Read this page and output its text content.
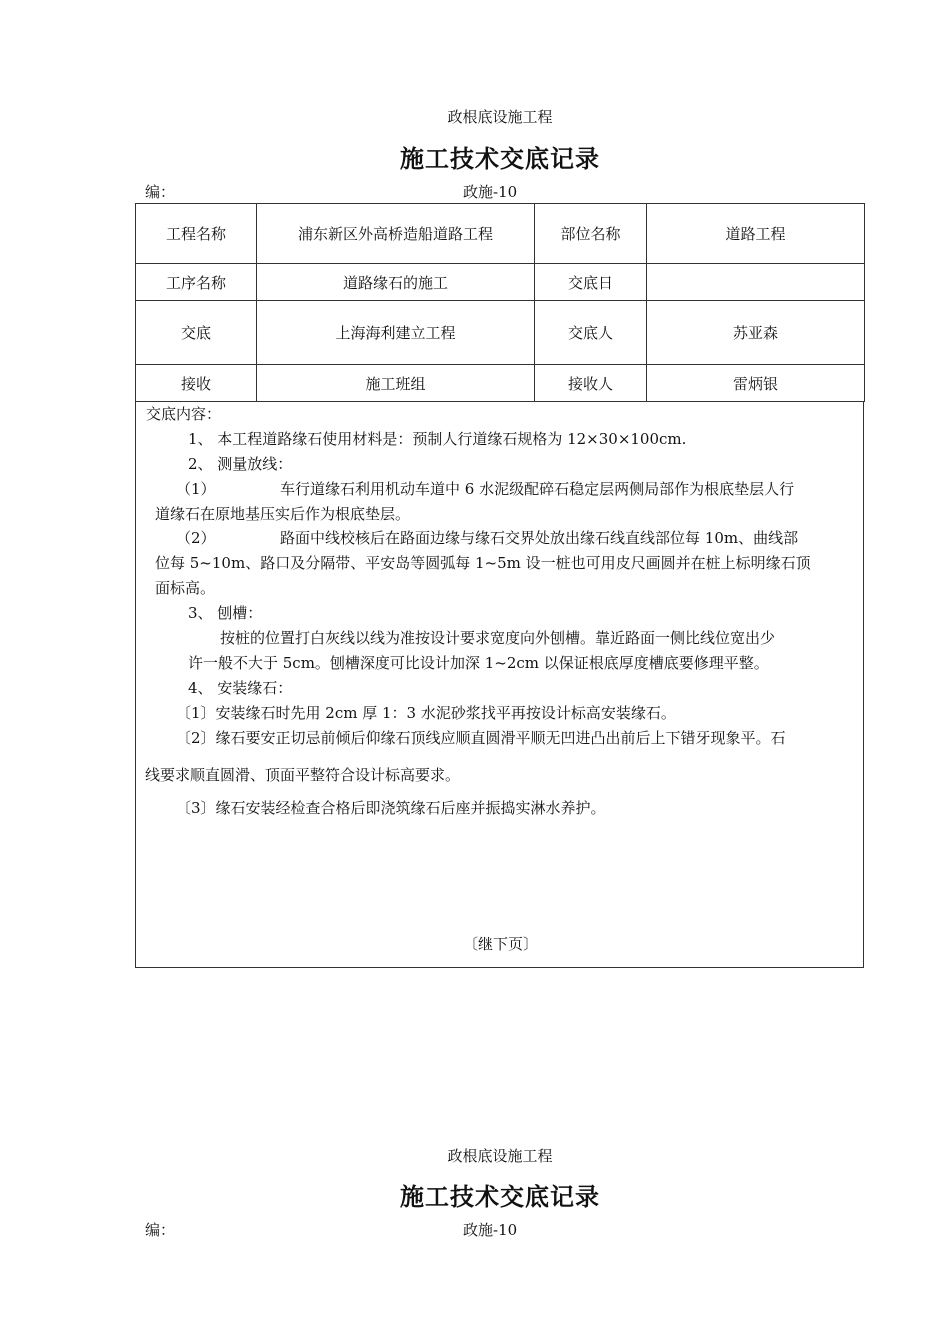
政根底设施工程
施工技术交底记录
编：	政施-10
工程名称	浦东新区外高桥造船道路工程	部位名称	道路工程
工序名称	道路缘石的施工	交底日	
交底	上海海利建立工程	交底人	苏亚森
接收	施工班组	接收人	雷炳银
交底内容：
1、 本工程道路缘石使用材料是：预制人行道缘石规格为 12×30×100cm.
2、 测量放线：
（1）	车行道缘石利用机动车道中 6 水泥级配碎石稳定层两侧局部作为根底垫层人行
道缘石在原地基压实后作为根底垫层。
（2）	路面中线校核后在路面边缘与缘石交界处放出缘石线直线部位每 10m、曲线部
位每 5~10m、路口及分隔带、平安岛等圆弧每 1~5m 设一桩也可用皮尺画圆并在桩上标明缘石顶
面标高。
3、 刨槽：
按桩的位置打白灰线以线为准按设计要求宽度向外刨槽。靠近路面一侧比线位宽出少
许一般不大于 5cm。刨槽深度可比设计加深 1~2cm 以保证根底厚度槽底要修理平整。
4、 安装缘石：
〔1〕安装缘石时先用 2cm 厚 1：3 水泥砂浆找平再按设计标高安装缘石。
〔2〕缘石要安正切忌前倾后仰缘石顶线应顺直圆滑平顺无凹进凸出前后上下错牙现象平。石
线要求顺直圆滑、顶面平整符合设计标高要求。
〔3〕缘石安装经检查合格后即浇筑缘石后座并振捣实淋水养护。
〔继下页〕
政根底设施工程
施工技术交底记录
编：	政施-10
